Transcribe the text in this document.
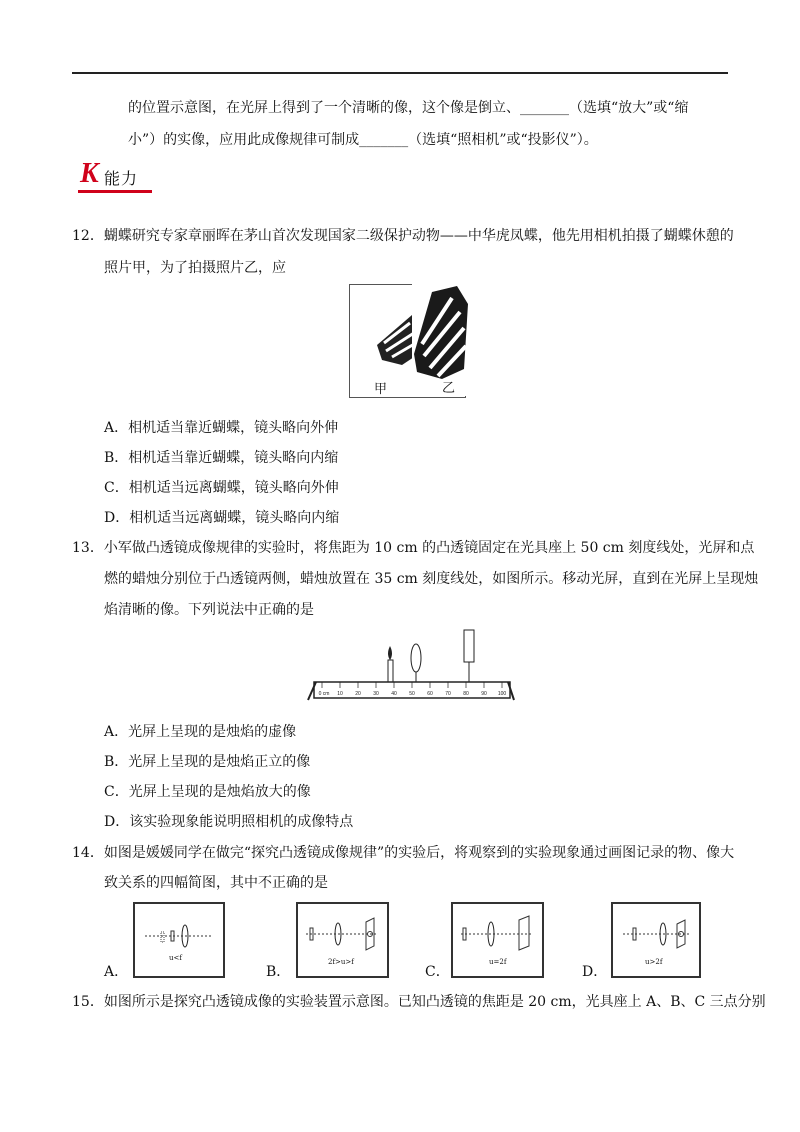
的位置示意图，在光屏上得到了一个清晰的像，这个像是倒立、_______（选填“放大”或“缩
小”）的实像，应用此成像规律可制成_______（选填“照相机”或“投影仪”）。
K 能力
12．蝴蝶研究专家章丽晖在茅山首次发现国家二级保护动物——中华虎凤蝶，他先用相机拍摄了蝴蝶休憩的
照片甲，为了拍摄照片乙，应
甲	乙
A．相机适当靠近蝴蝶，镜头略向外伸
B．相机适当靠近蝴蝶，镜头略向内缩
C．相机适当远离蝴蝶，镜头略向外伸
D．相机适当远离蝴蝶，镜头略向内缩
13．小军做凸透镜成像规律的实验时，将焦距为 10 cm 的凸透镜固定在光具座上 50 cm 刻度线处，光屏和点
燃的蜡烛分别位于凸透镜两侧，蜡烛放置在 35 cm 刻度线处，如图所示。移动光屏，直到在光屏上呈现烛
焰清晰的像。下列说法中正确的是
0 cm 10 20 30 40 50 60 70 80 90 100
A．光屏上呈现的是烛焰的虚像
B．光屏上呈现的是烛焰正立的像
C．光屏上呈现的是烛焰放大的像
D．该实验现象能说明照相机的成像特点
14．如图是媛媛同学在做完“探究凸透镜成像规律”的实验后，将观察到的实验现象通过画图记录的物、像大
致关系的四幅简图，其中不正确的是
A．
u<f
B．
2f>u>f
C．
u=2f
D．
u>2f
15．如图所示是探究凸透镜成像的实验装置示意图。已知凸透镜的焦距是 20 cm，光具座上 A、B、C 三点分别
